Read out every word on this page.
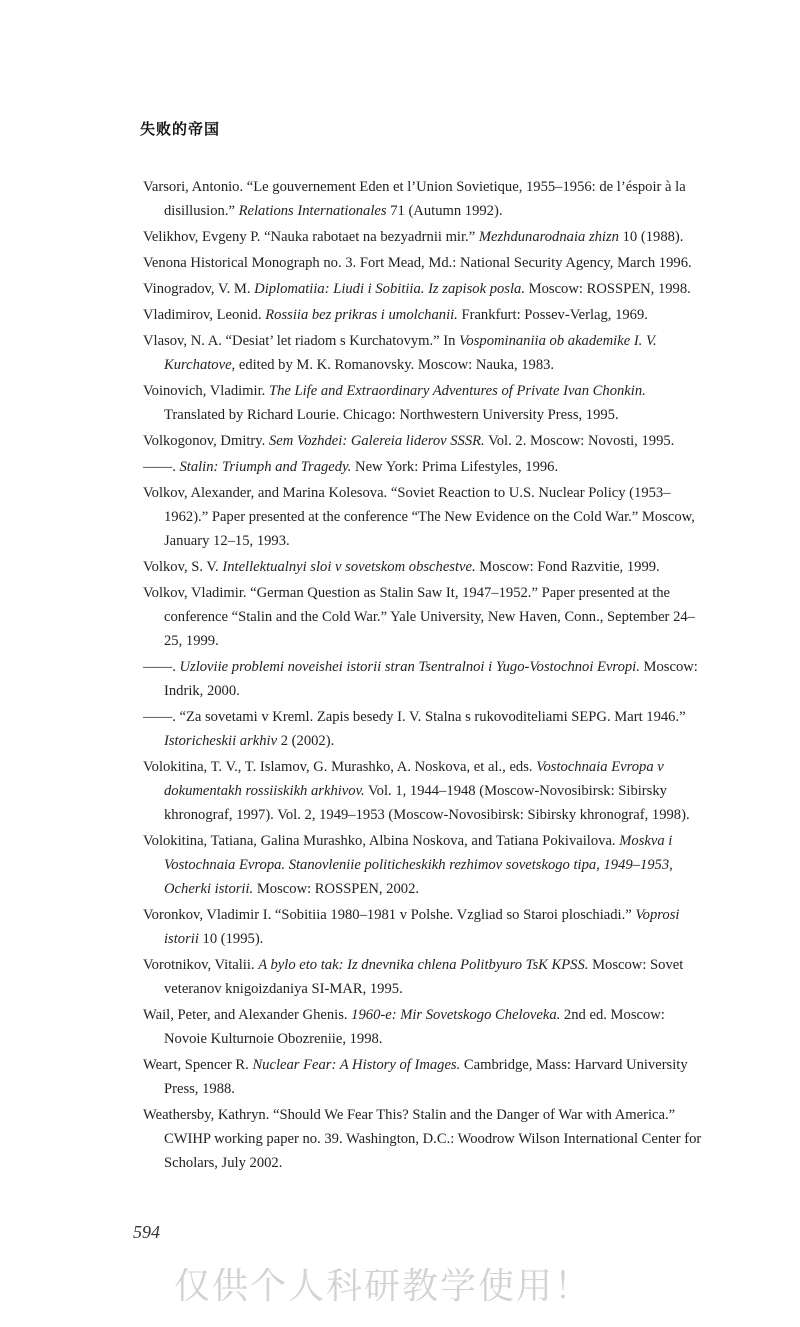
失败的帝国
Varsori, Antonio. “Le gouvernement Eden et l’Union Sovietique, 1955–1956: de l’éspoir à la disillusion.” Relations Internationales 71 (Autumn 1992).
Velikhov, Evgeny P. “Nauka rabotaet na bezyadrnii mir.” Mezhdunarodnaia zhizn 10 (1988).
Venona Historical Monograph no. 3. Fort Mead, Md.: National Security Agency, March 1996.
Vinogradov, V. M. Diplomatiia: Liudi i Sobitiia. Iz zapisok posla. Moscow: ROSSPEN, 1998.
Vladimirov, Leonid. Rossiia bez prikras i umolchanii. Frankfurt: Possev-Verlag, 1969.
Vlasov, N. A. “Desiat’ let riadom s Kurchatovym.” In Vospominaniia ob akademike I. V. Kurchatove, edited by M. K. Romanovsky. Moscow: Nauka, 1983.
Voinovich, Vladimir. The Life and Extraordinary Adventures of Private Ivan Chonkin. Translated by Richard Lourie. Chicago: Northwestern University Press, 1995.
Volkogonov, Dmitry. Sem Vozhdei: Galereia liderov SSSR. Vol. 2. Moscow: Novosti, 1995.
——. Stalin: Triumph and Tragedy. New York: Prima Lifestyles, 1996.
Volkov, Alexander, and Marina Kolesova. “Soviet Reaction to U.S. Nuclear Policy (1953–1962).” Paper presented at the conference “The New Evidence on the Cold War.” Moscow, January 12–15, 1993.
Volkov, S. V. Intellektualnyi sloi v sovetskom obschestve. Moscow: Fond Razvitie, 1999.
Volkov, Vladimir. “German Question as Stalin Saw It, 1947–1952.” Paper presented at the conference “Stalin and the Cold War.” Yale University, New Haven, Conn., September 24–25, 1999.
——. Uzloviie problemi noveishei istorii stran Tsentralnoi i Yugo-Vostochnoi Evropi. Moscow: Indrik, 2000.
——. “Za sovetami v Kreml. Zapis besedy I. V. Stalna s rukovoditeliami SEPG. Mart 1946.” Istoricheskii arkhiv 2 (2002).
Volokitina, T. V., T. Islamov, G. Murashko, A. Noskova, et al., eds. Vostochnaia Evropa v dokumentakh rossiiskikh arkhivov. Vol. 1, 1944–1948 (Moscow-Novosibirsk: Sibirsky khronograf, 1997). Vol. 2, 1949–1953 (Moscow-Novosibirsk: Sibirsky khronograf, 1998).
Volokitina, Tatiana, Galina Murashko, Albina Noskova, and Tatiana Pokivailova. Moskva i Vostochnaia Evropa. Stanovleniie politicheskikh rezhimov sovetskogo tipa, 1949–1953, Ocherki istorii. Moscow: ROSSPEN, 2002.
Voronkov, Vladimir I. “Sobitiia 1980–1981 v Polshe. Vzgliad so Staroi ploschiadi.” Voprosi istorii 10 (1995).
Vorotnikov, Vitalii. A bylo eto tak: Iz dnevnika chlena Politbyuro TsK KPSS. Moscow: Sovet veteranov knigoizdaniya SI-MAR, 1995.
Wail, Peter, and Alexander Ghenis. 1960-e: Mir Sovetskogo Cheloveka. 2nd ed. Moscow: Novoie Kulturnoie Obozreniie, 1998.
Weart, Spencer R. Nuclear Fear: A History of Images. Cambridge, Mass: Harvard University Press, 1988.
Weathersby, Kathryn. “Should We Fear This? Stalin and the Danger of War with America.” CWIHP working paper no. 39. Washington, D.C.: Woodrow Wilson International Center for Scholars, July 2002.
594
仅供个人科研教学使用！
